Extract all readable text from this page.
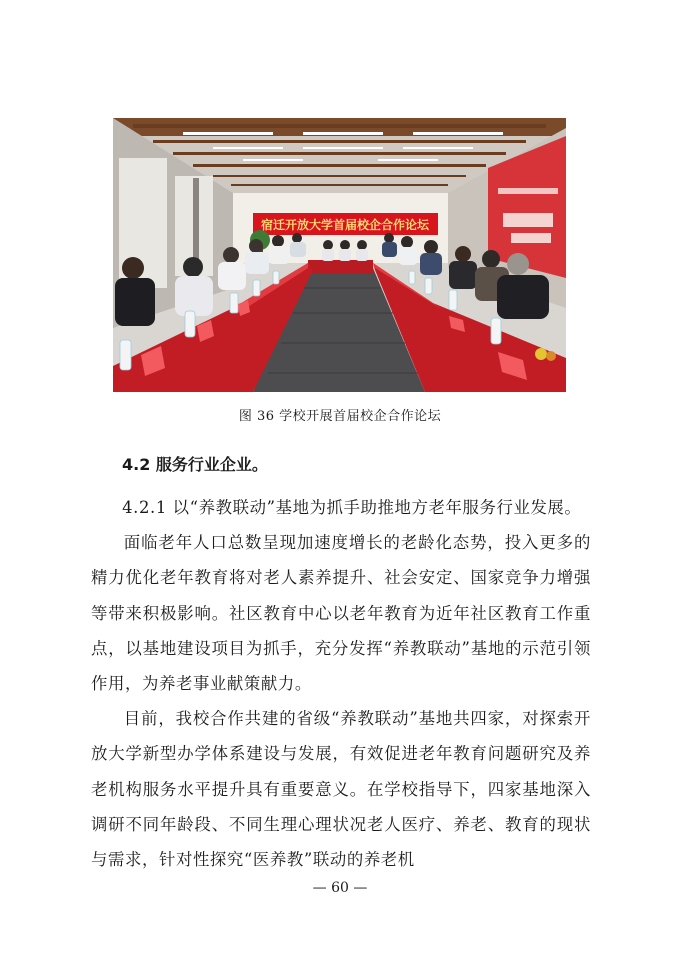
宿迁开放大学首届校企合作论坛
图 36 学校开展首届校企合作论坛
4.2 服务行业企业。

4.2.1 以“养教联动”基地为抓手助推地方老年服务行业发展。

面临老年人口总数呈现加速度增长的老龄化态势，投入更多的精力优化老年教育将对老人素养提升、社会安定、国家竞争力增强等带来积极影响。社区教育中心以老年教育为近年社区教育工作重点，以基地建设项目为抓手，充分发挥“养教联动”基地的示范引领作用，为养老事业献策献力。

目前，我校合作共建的省级“养教联动”基地共四家，对探索开放大学新型办学体系建设与发展，有效促进老年教育问题研究及养老机构服务水平提升具有重要意义。在学校指导下，四家基地深入调研不同年龄段、不同生理心理状况老人医疗、养老、教育的现状与需求，针对性探究“医养教”联动的养老机

— 60 —
